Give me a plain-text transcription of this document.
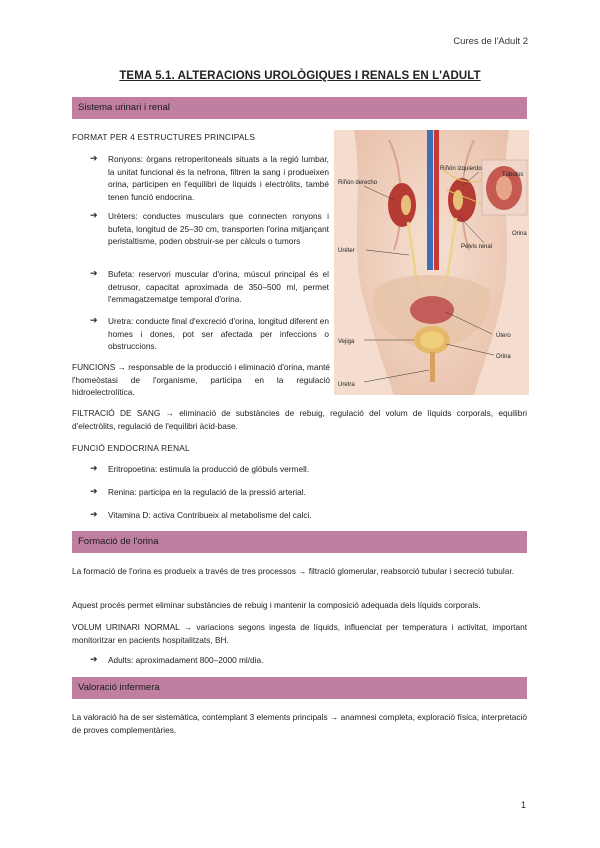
Cures de l'Adult 2
TEMA 5.1. ALTERACIONS UROLÒGIQUES I RENALS EN L'ADULT
Sistema urinari i renal
FORMAT PER 4 ESTRUCTURES PRINCIPALS
➔ Ronyons: òrgans retroperitoneals situats a la regió lumbar, la unitat funcional és la nefrona, filtren la sang i produeixen orina, participen en l'equilibri de líquids i electròlits, també tenen funció endocrina.
➔ Urèters: conductes musculars que connecten ronyons i bufeta, longitud de 25–30 cm, transporten l'orina mitjançant peristaltisme, poden obstruir-se per càlculs o tumors
➔ Bufeta: reservori muscular d'orina, múscul principal és el detrusor, capacitat aproximada de 350–500 ml, permet l'emmagatzematge temporal d'orina.
➔ Uretra: conducte final d'excreció d'orina, longitud diferent en homes i dones, pot ser afectada per infeccions o obstruccions.
FUNCIONS → responsable de la producció i eliminació d'orina, manté l'homeòstasi de l'organisme, participa en la regulació hidroelectrolítica.
Riñón derecho
Riñón izquierdo
Túbulos
Orina
Pelvis renal
Uréter
Útero
Vejiga
Orina
Uretra
FILTRACIÓ DE SANG → eliminació de substàncies de rebuig, regulació del volum de líquids corporals, equilibri d'electròlits, regulació de l'equilibri àcid-base.
FUNCIÓ ENDOCRINA RENAL
➔ Eritropoetina: estimula la producció de glòbuls vermell.
➔ Renina: participa en la regulació de la pressió arterial.
➔ Vitamina D: activa Contribueix al metabolisme del calci.
Formació de l'orina
La formació de l'orina es produeix a través de tres processos → filtració glomerular, reabsorció tubular i secreció tubular.
Aquest procés permet eliminar substàncies de rebuig i mantenir la composició adequada dels líquids corporals.
VOLUM URINARI NORMAL → variacions segons ingesta de líquids, influenciat per temperatura i activitat, important monitoritzar en pacients hospitalitzats, BH.
➔ Adults: aproximadament 800–2000 ml/dia.
Valoració infermera
La valoració ha de ser sistemàtica, contemplant 3 elements principals → anamnesi completa, exploració física, interpretació de proves complementàries.
1
